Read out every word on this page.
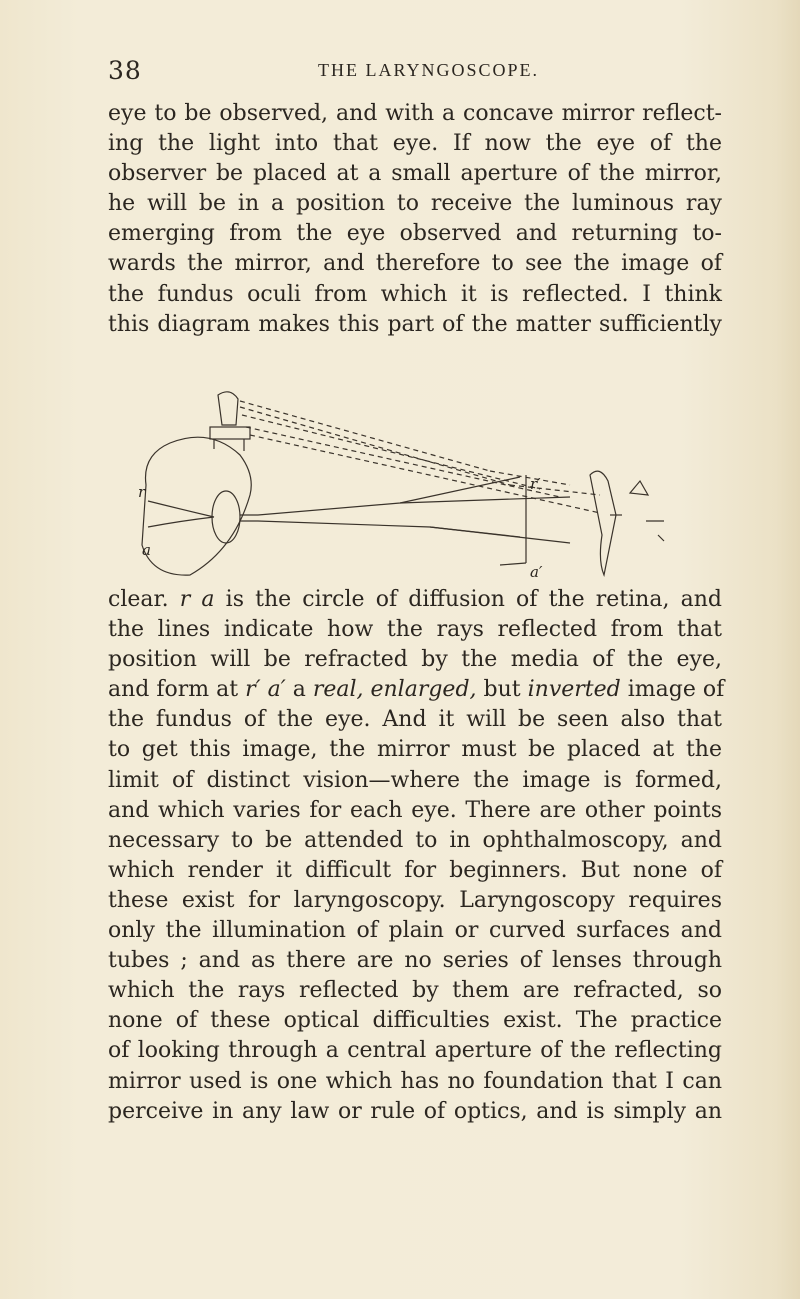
38	THE LARYNGOSCOPE.
eye to be observed, and with a concave mirror reflect-
ing the light into that eye. If now the eye of the
observer be placed at a small aperture of the mirror,
he will be in a position to receive the luminous ray
emerging from the eye observed and returning to-
wards the mirror, and therefore to see the image of
the fundus oculi from which it is reflected. I think
this diagram makes this part of the matter sufficiently
r
a
r′
a′
clear. r a is the circle of diffusion of the retina, and
the lines indicate how the rays reflected from that
position will be refracted by the media of the eye,
and form at r′ a′ a real, enlarged, but inverted image of
the fundus of the eye. And it will be seen also that
to get this image, the mirror must be placed at the
limit of distinct vision—where the image is formed,
and which varies for each eye. There are other points
necessary to be attended to in ophthalmoscopy, and
which render it difficult for beginners. But none of
these exist for laryngoscopy. Laryngoscopy requires
only the illumination of plain or curved surfaces and
tubes ; and as there are no series of lenses through
which the rays reflected by them are refracted, so
none of these optical difficulties exist. The practice
of looking through a central aperture of the reflecting
mirror used is one which has no foundation that I can
perceive in any law or rule of optics, and is simply an
